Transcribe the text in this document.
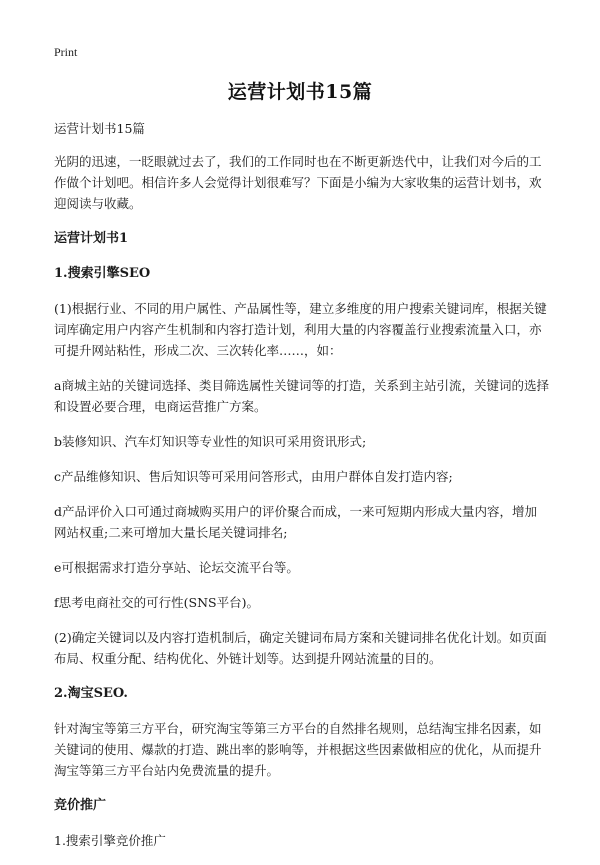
Print
运营计划书15篇

运营计划书15篇

光阴的迅速，一眨眼就过去了，我们的工作同时也在不断更新迭代中，让我们对今后的工作做个计划吧。相信许多人会觉得计划很难写？下面是小编为大家收集的运营计划书，欢迎阅读与收藏。

运营计划书1

1.搜索引擎SEO

(1)根据行业、不同的用户属性、产品属性等，建立多维度的用户搜索关键词库，根据关键词库确定用户内容产生机制和内容打造计划，利用大量的内容覆盖行业搜索流量入口，亦可提升网站粘性，形成二次、三次转化率……，如：

a商城主站的关键词选择、类目筛选属性关键词等的打造，关系到主站引流，关键词的选择和设置必要合理，电商运营推广方案。

b装修知识、汽车灯知识等专业性的知识可采用资讯形式;

c产品维修知识、售后知识等可采用问答形式，由用户群体自发打造内容;

d产品评价入口可通过商城购买用户的评价聚合而成，一来可短期内形成大量内容，增加网站权重;二来可增加大量长尾关键词排名;

e可根据需求打造分享站、论坛交流平台等。

f思考电商社交的可行性(SNS平台)。

(2)确定关键词以及内容打造机制后，确定关键词布局方案和关键词排名优化计划。如页面布局、权重分配、结构优化、外链计划等。达到提升网站流量的目的。

2.淘宝SEO.

针对淘宝等第三方平台，研究淘宝等第三方平台的自然排名规则，总结淘宝排名因素，如关键词的使用、爆款的打造、跳出率的影响等，并根据这些因素做相应的优化，从而提升淘宝等第三方平台站内免费流量的提升。

竞价推广

1.搜索引擎竞价推广
